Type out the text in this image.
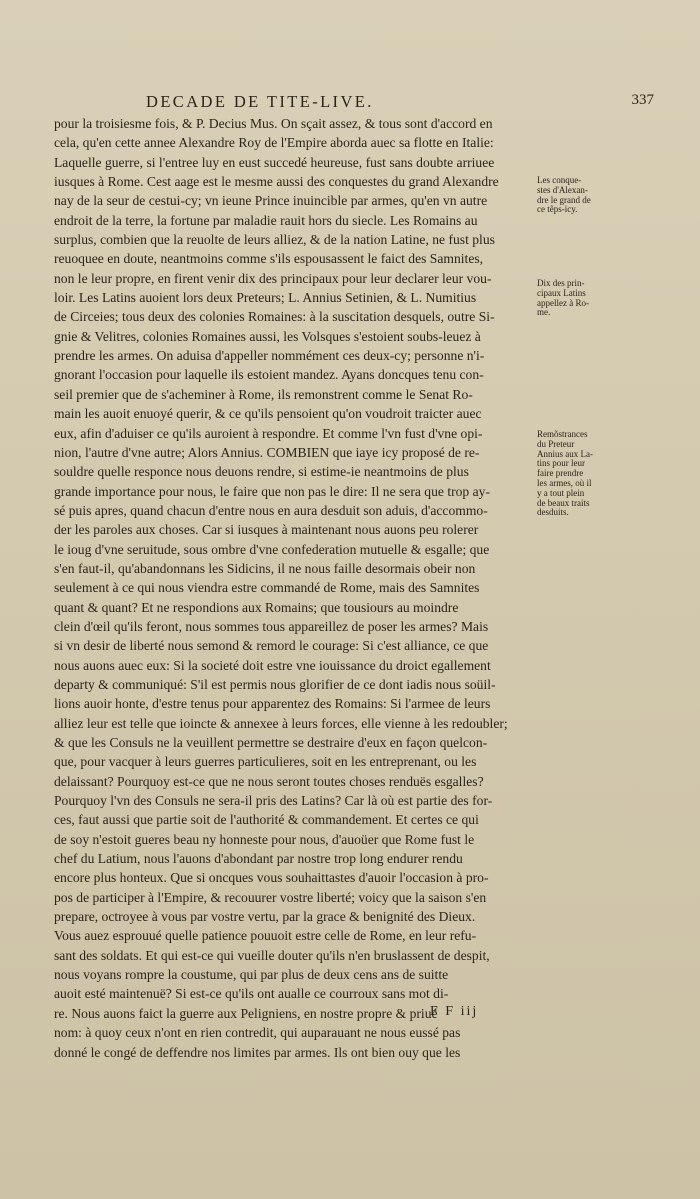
DECADE DE TITE-LIVE.	337
pour la troisiesme fois, & P. Decius Mus. On sçait assez, & tous sont d'accord en
cela, qu'en cette annee Alexandre Roy de l'Empire aborda auec sa flotte en Italie:
Laquelle guerre, si l'entree luy en eust succedé heureuse, fust sans doubte arriuee
iusques à Rome. Cest aage est le mesme aussi des conquestes du grand Alexandre
nay de la seur de cestui-cy; vn ieune Prince inuincible par armes, qu'en vn autre
endroit de la terre, la fortune par maladie rauit hors du siecle. Les Romains au
surplus, combien que la reuolte de leurs alliez, & de la nation Latine, ne fust plus
reuoquee en doute, neantmoins comme s'ils espousassent le faict des Samnites,
non le leur propre, en firent venir dix des principaux pour leur declarer leur vou-
loir. Les Latins auoient lors deux Preteurs; L. Annius Setinien, & L. Numitius
de Circeies; tous deux des colonies Romaines: à la suscitation desquels, outre Si-
gnie & Velitres, colonies Romaines aussi, les Volsques s'estoient soubs-leuez à
prendre les armes. On aduisa d'appeller nommément ces deux-cy; personne n'i-
gnorant l'occasion pour laquelle ils estoient mandez. Ayans doncques tenu con-
seil premier que de s'acheminer à Rome, ils remonstrent comme le Senat Ro-
main les auoit enuoyé querir, & ce qu'ils pensoient qu'on voudroit traicter auec
eux, afin d'aduiser ce qu'ils auroient à respondre. Et comme l'vn fust d'vne opi-
nion, l'autre d'vne autre; Alors Annius. COMBIEN que iaye icy proposé de re-
souldre quelle responce nous deuons rendre, si estime-ie neantmoins de plus
grande importance pour nous, le faire que non pas le dire: Il ne sera que trop ay-
sé puis apres, quand chacun d'entre nous en aura desduit son aduis, d'accommo-
der les paroles aux choses. Car si iusques à maintenant nous auons peu rolerer
le ioug d'vne seruitude, sous ombre d'vne confederation mutuelle & esgalle; que
s'en faut-il, qu'abandonnans les Sidicins, il ne nous faille desormais obeir non
seulement à ce qui nous viendra estre commandé de Rome, mais des Samnites
quant & quant? Et ne respondions aux Romains; que tousiours au moindre
clein d'œil qu'ils feront, nous sommes tous appareillez de poser les armes? Mais
si vn desir de liberté nous semond & remord le courage: Si c'est alliance, ce que
nous auons auec eux: Si la societé doit estre vne iouissance du droict egallement
departy & communiqué: S'il est permis nous glorifier de ce dont iadis nous soüil-
lions auoir honte, d'estre tenus pour apparentez des Romains: Si l'armee de leurs
alliez leur est telle que ioincte & annexee à leurs forces, elle vienne à les redoubler;
& que les Consuls ne la veuillent permettre se destraire d'eux en façon quelcon-
que, pour vacquer à leurs guerres particulieres, soit en les entreprenant, ou les
delaissant? Pourquoy est-ce que ne nous seront toutes choses renduës esgalles?
Pourquoy l'vn des Consuls ne sera-il pris des Latins? Car là où est partie des for-
ces, faut aussi que partie soit de l'authorité & commandement. Et certes ce qui
de soy n'estoit gueres beau ny honneste pour nous, d'auoüer que Rome fust le
chef du Latium, nous l'auons d'abondant par nostre trop long endurer rendu
encore plus honteux. Que si oncques vous souhaittastes d'auoir l'occasion à pro-
pos de participer à l'Empire, & recouurer vostre liberté; voicy que la saison s'en
prepare, octroyee à vous par vostre vertu, par la grace & benignité des Dieux.
Vous auez esprouué quelle patience pouuoit estre celle de Rome, en leur refu-
sant des soldats. Et qui est-ce qui vueille douter qu'ils n'en bruslassent de despit,
nous voyans rompre la coustume, qui par plus de deux cens ans de suitte
auoit esté maintenuë? Si est-ce qu'ils ont aualle ce courroux sans mot di-
re. Nous auons faict la guerre aux Peligniens, en nostre propre & priué
nom: à quoy ceux n'ont en rien contredit, qui auparauant ne nous eussé pas
donné le congé de deffendre nos limites par armes. Ils ont bien ouy que les
Les conque-
stes d'Alexan-
dre le grand de
ce tẽps-icy.
Dix des prin-
cipaux Latins
appellez à Ro-
me.
Remõstrances
du Preteur
Annius aux La-
tins pour leur
faire prendre
les armes, où il
y a tout plein
de beaux traits
desduits.
F F iij
